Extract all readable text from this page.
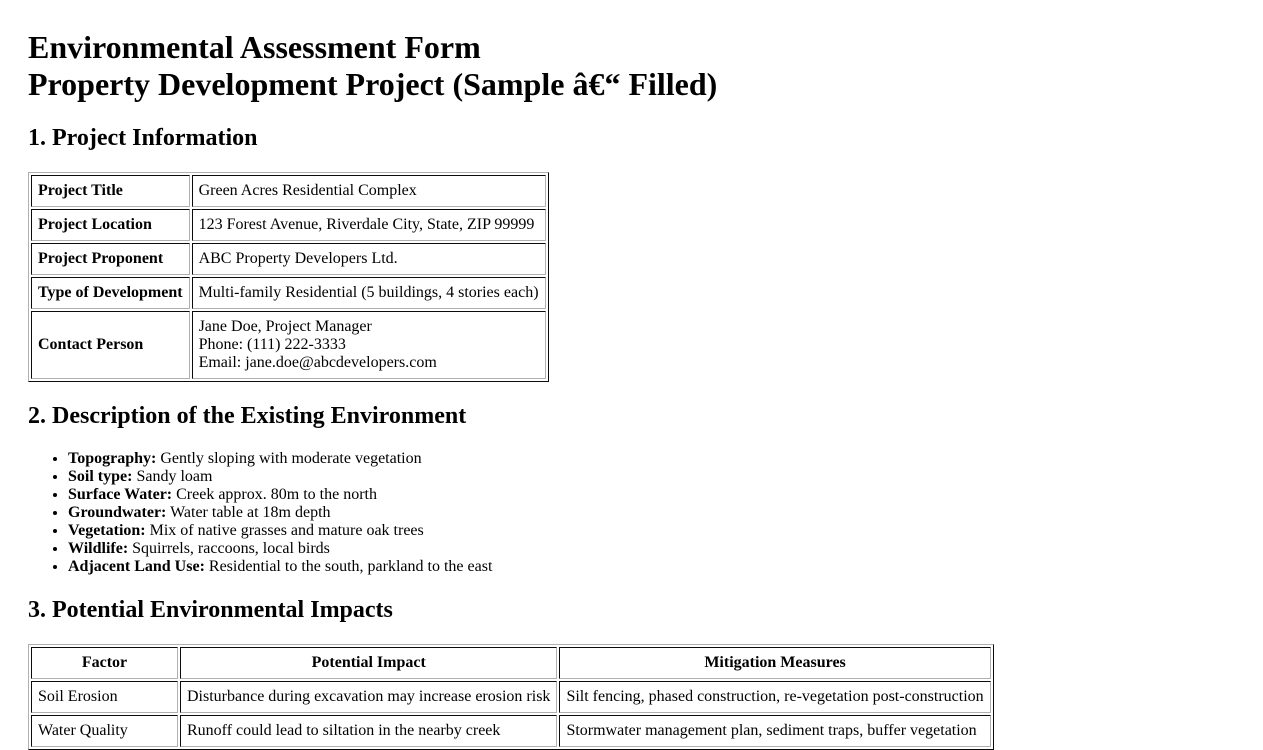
Environmental Assessment Form
Property Development Project (Sample â€“ Filled)
1. Project Information
Project Title	Green Acres Residential Complex
Project Location	123 Forest Avenue, Riverdale City, State, ZIP 99999
Project Proponent	ABC Property Developers Ltd.
Type of Development	Multi-family Residential (5 buildings, 4 stories each)
Contact Person	Jane Doe, Project Manager
Phone: (111) 222-3333
Email: jane.doe@abcdevelopers.com
2. Description of the Existing Environment
• Topography: Gently sloping with moderate vegetation
• Soil type: Sandy loam
• Surface Water: Creek approx. 80m to the north
• Groundwater: Water table at 18m depth
• Vegetation: Mix of native grasses and mature oak trees
• Wildlife: Squirrels, raccoons, local birds
• Adjacent Land Use: Residential to the south, parkland to the east
3. Potential Environmental Impacts
Factor	Potential Impact	Mitigation Measures
Soil Erosion	Disturbance during excavation may increase erosion risk	Silt fencing, phased construction, re-vegetation post-construction
Water Quality	Runoff could lead to siltation in the nearby creek	Stormwater management plan, sediment traps, buffer vegetation
